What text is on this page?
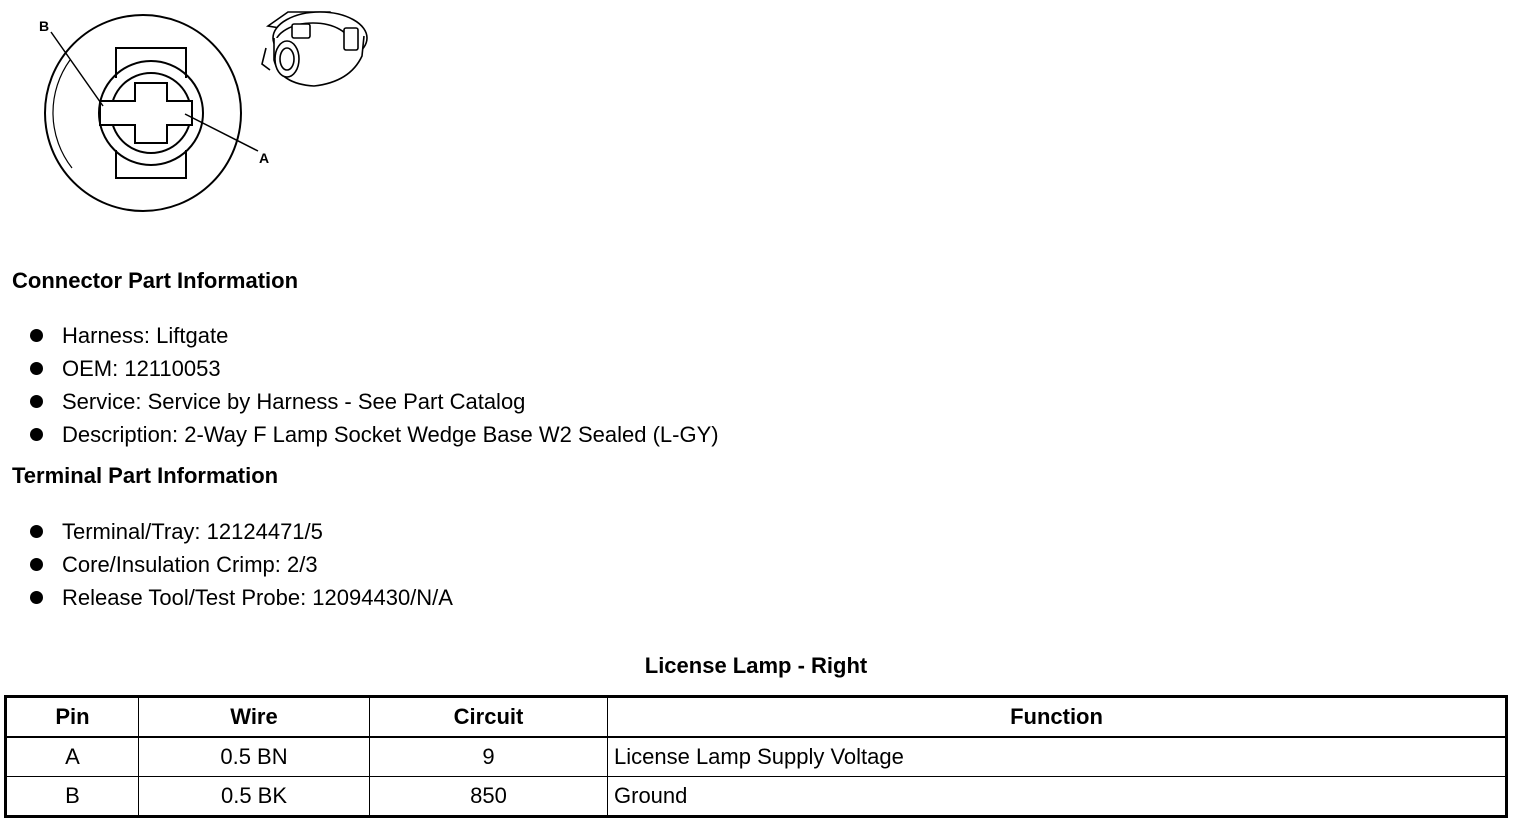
B
A
Connector Part Information
Harness: Liftgate
OEM: 12110053
Service: Service by Harness - See Part Catalog
Description: 2-Way F Lamp Socket Wedge Base W2 Sealed (L-GY)
Terminal Part Information
Terminal/Tray: 12124471/5
Core/Insulation Crimp: 2/3
Release Tool/Test Probe: 12094430/N/A
License Lamp - Right
Pin	Wire	Circuit	Function
A	0.5 BN	9	License Lamp Supply Voltage
B	0.5 BK	850	Ground
